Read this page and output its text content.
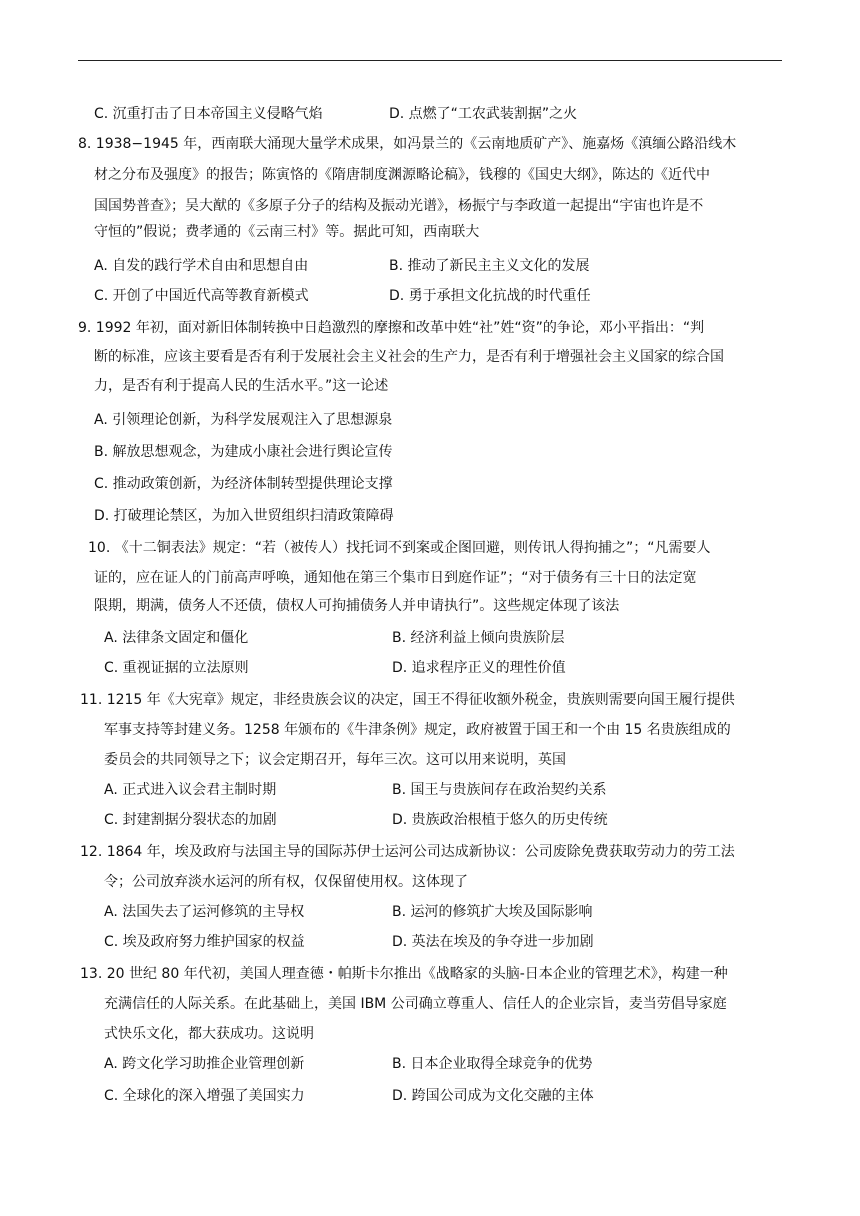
C. 沉重打击了日本帝国主义侵略气焰	D. 点燃了“工农武装割据”之火
8. 1938−1945 年，西南联大涌现大量学术成果，如冯景兰的《云南地质矿产》、施嘉炀《滇缅公路沿线木
材之分布及强度》的报告；陈寅恪的《隋唐制度渊源略论稿》，钱穆的《国史大纲》，陈达的《近代中
国国势普查》；吴大猷的《多原子分子的结构及振动光谱》，杨振宁与李政道一起提出“宇宙也许是不
守恒的”假说；费孝通的《云南三村》等。据此可知，西南联大
A. 自发的践行学术自由和思想自由	B. 推动了新民主主义文化的发展
C. 开创了中国近代高等教育新模式	D. 勇于承担文化抗战的时代重任
9. 1992 年初，面对新旧体制转换中日趋激烈的摩擦和改革中姓“社”姓“资”的争论，邓小平指出：“判
断的标准，应该主要看是否有利于发展社会主义社会的生产力，是否有利于增强社会主义国家的综合国
力，是否有利于提高人民的生活水平。”这一论述
A. 引领理论创新，为科学发展观注入了思想源泉
B. 解放思想观念，为建成小康社会进行舆论宣传
C. 推动政策创新，为经济体制转型提供理论支撑
D. 打破理论禁区，为加入世贸组织扫清政策障碍
10. 《十二铜表法》规定：“若（被传人）找托词不到案或企图回避，则传讯人得拘捕之”；“凡需要人
证的，应在证人的门前高声呼唤，通知他在第三个集市日到庭作证”；“对于债务有三十日的法定宽
限期，期满，债务人不还债，债权人可拘捕债务人并申请执行”。这些规定体现了该法
A. 法律条文固定和僵化	B. 经济利益上倾向贵族阶层
C. 重视证据的立法原则	D. 追求程序正义的理性价值
11. 1215 年《大宪章》规定，非经贵族会议的决定，国王不得征收额外税金，贵族则需要向国王履行提供
军事支持等封建义务。1258 年颁布的《牛津条例》规定，政府被置于国王和一个由 15 名贵族组成的
委员会的共同领导之下；议会定期召开，每年三次。这可以用来说明，英国
A. 正式进入议会君主制时期	B. 国王与贵族间存在政治契约关系
C. 封建割据分裂状态的加剧	D. 贵族政治根植于悠久的历史传统
12. 1864 年，埃及政府与法国主导的国际苏伊士运河公司达成新协议：公司废除免费获取劳动力的劳工法
令；公司放弃淡水运河的所有权，仅保留使用权。这体现了
A. 法国失去了运河修筑的主导权	B. 运河的修筑扩大埃及国际影响
C. 埃及政府努力维护国家的权益	D. 英法在埃及的争夺进一步加剧
13. 20 世纪 80 年代初，美国人理查德・帕斯卡尔推出《战略家的头脑-日本企业的管理艺术》，构建一种
充满信任的人际关系。在此基础上，美国 IBM 公司确立尊重人、信任人的企业宗旨，麦当劳倡导家庭
式快乐文化，都大获成功。这说明
A. 跨文化学习助推企业管理创新	B. 日本企业取得全球竞争的优势
C. 全球化的深入增强了美国实力	D. 跨国公司成为文化交融的主体
